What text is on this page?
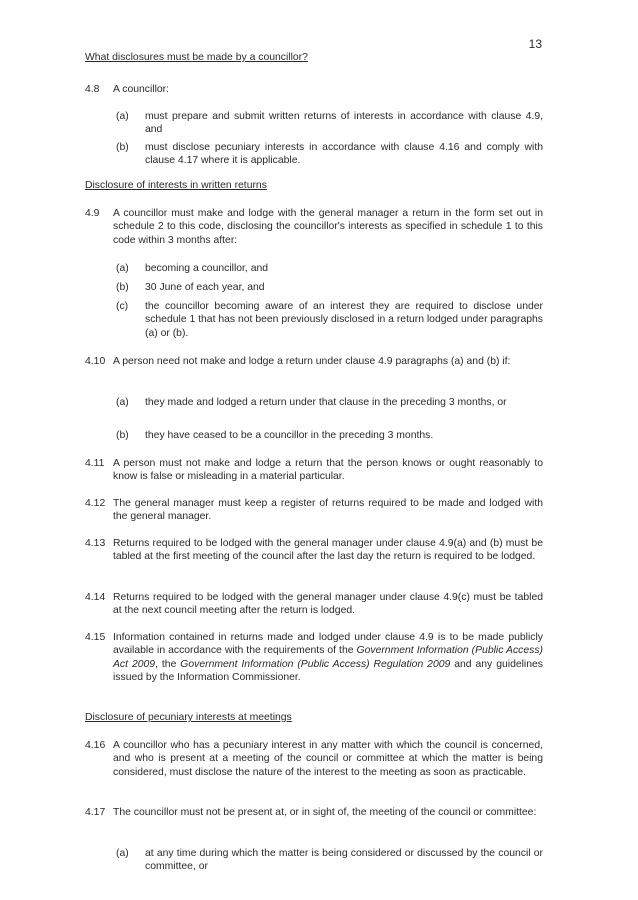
13
What disclosures must be made by a councillor?
4.8 A councillor:
(a) must prepare and submit written returns of interests in accordance with clause 4.9, and
(b) must disclose pecuniary interests in accordance with clause 4.16 and comply with clause 4.17 where it is applicable.
Disclosure of interests in written returns
4.9 A councillor must make and lodge with the general manager a return in the form set out in schedule 2 to this code, disclosing the councillor's interests as specified in schedule 1 to this code within 3 months after:
(a) becoming a councillor, and
(b) 30 June of each year, and
(c) the councillor becoming aware of an interest they are required to disclose under schedule 1 that has not been previously disclosed in a return lodged under paragraphs (a) or (b).
4.10 A person need not make and lodge a return under clause 4.9 paragraphs (a) and (b) if:
(a) they made and lodged a return under that clause in the preceding 3 months, or
(b) they have ceased to be a councillor in the preceding 3 months.
4.11 A person must not make and lodge a return that the person knows or ought reasonably to know is false or misleading in a material particular.
4.12 The general manager must keep a register of returns required to be made and lodged with the general manager.
4.13 Returns required to be lodged with the general manager under clause 4.9(a) and (b) must be tabled at the first meeting of the council after the last day the return is required to be lodged.
4.14 Returns required to be lodged with the general manager under clause 4.9(c) must be tabled at the next council meeting after the return is lodged.
4.15 Information contained in returns made and lodged under clause 4.9 is to be made publicly available in accordance with the requirements of the Government Information (Public Access) Act 2009, the Government Information (Public Access) Regulation 2009 and any guidelines issued by the Information Commissioner.
Disclosure of pecuniary interests at meetings
4.16 A councillor who has a pecuniary interest in any matter with which the council is concerned, and who is present at a meeting of the council or committee at which the matter is being considered, must disclose the nature of the interest to the meeting as soon as practicable.
4.17 The councillor must not be present at, or in sight of, the meeting of the council or committee:
(a) at any time during which the matter is being considered or discussed by the council or committee, or
